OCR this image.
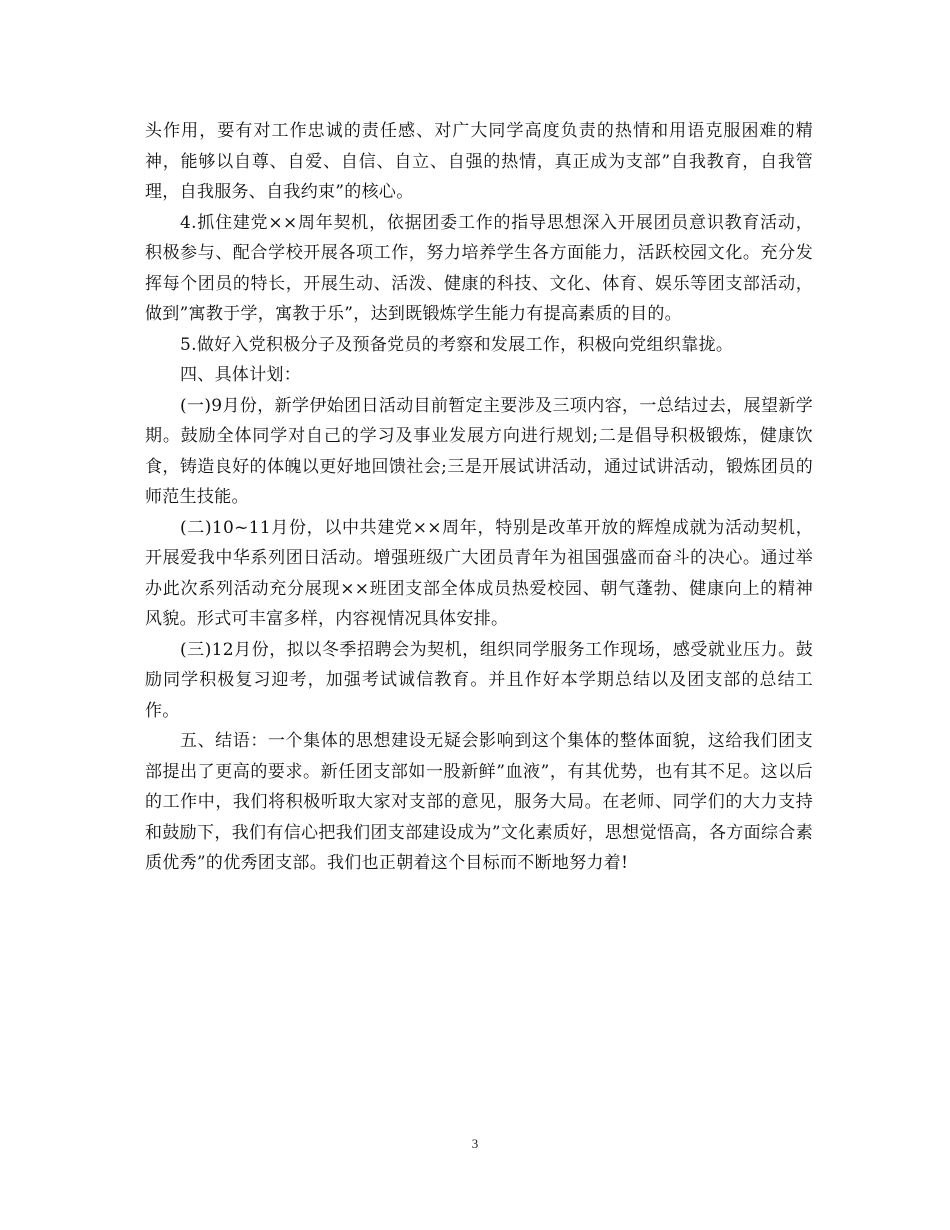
头作用，要有对工作忠诚的责任感、对广大同学高度负责的热情和用语克服困难的精神，能够以自尊、自爱、自信、自立、自强的热情，真正成为支部”自我教育，自我管理，自我服务、自我约束”的核心。

4.抓住建党××周年契机，依据团委工作的指导思想深入开展团员意识教育活动，积极参与、配合学校开展各项工作，努力培养学生各方面能力，活跃校园文化。充分发挥每个团员的特长，开展生动、活泼、健康的科技、文化、体育、娱乐等团支部活动，做到”寓教于学，寓教于乐”，达到既锻炼学生能力有提高素质的目的。

5.做好入党积极分子及预备党员的考察和发展工作，积极向党组织靠拢。

四、具体计划：

(一)9月份，新学伊始团日活动目前暂定主要涉及三项内容，一总结过去，展望新学期。鼓励全体同学对自己的学习及事业发展方向进行规划;二是倡导积极锻炼，健康饮食，铸造良好的体魄以更好地回馈社会;三是开展试讲活动，通过试讲活动，锻炼团员的师范生技能。

(二)10~11月份，以中共建党××周年，特别是改革开放的辉煌成就为活动契机，开展爱我中华系列团日活动。增强班级广大团员青年为祖国强盛而奋斗的决心。通过举办此次系列活动充分展现××班团支部全体成员热爱校园、朝气蓬勃、健康向上的精神风貌。形式可丰富多样，内容视情况具体安排。

(三)12月份，拟以冬季招聘会为契机，组织同学服务工作现场，感受就业压力。鼓励同学积极复习迎考，加强考试诚信教育。并且作好本学期总结以及团支部的总结工作。

五、结语：一个集体的思想建设无疑会影响到这个集体的整体面貌，这给我们团支部提出了更高的要求。新任团支部如一股新鲜”血液”，有其优势，也有其不足。这以后的工作中，我们将积极听取大家对支部的意见，服务大局。在老师、同学们的大力支持和鼓励下，我们有信心把我们团支部建设成为”文化素质好，思想觉悟高，各方面综合素质优秀”的优秀团支部。我们也正朝着这个目标而不断地努力着!

3
